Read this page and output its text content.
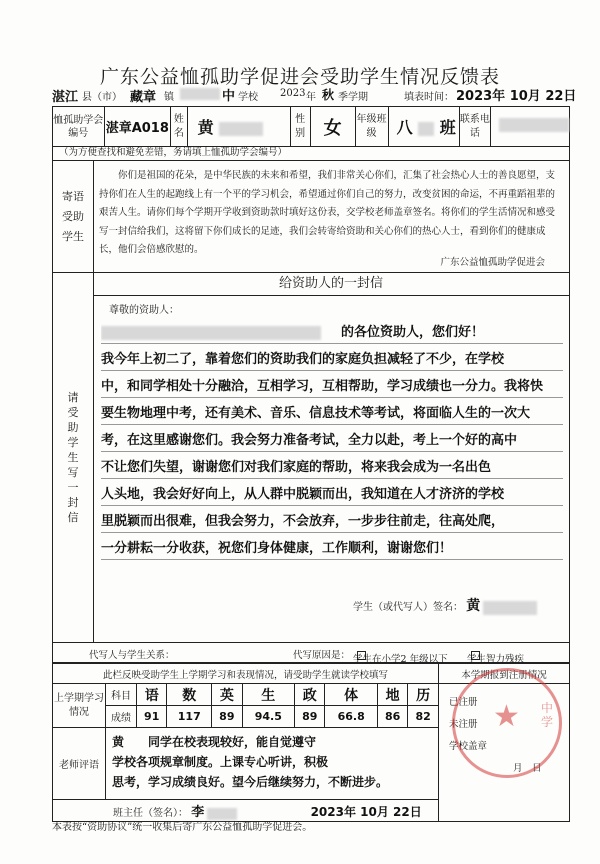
广东公益恤孤助学促进会受助学生情况反馈表
湛江 县（市） 藏章 镇	中 学校 2023 年 秋 季学期	填表时间： 2023年 10月 22日
恤孤助学会编号	湛章A018	姓名	黄	性别	女	年级班级	八 班	联系电话	
（为方便查找和避免差错，务请填上恤孤助学会编号）
寄语受助学生
你们是祖国的花朵，是中华民族的未来和希望，我们非常关心你们，汇集了社会热心人士的善良愿望，支持你们在人生的起跑线上有一个平的学习机会，希望通过你们自己的努力，改变贫困的命运，不再重蹈祖辈的艰苦人生。请你们每个学期开学收到资助款时填好这份表，交学校老师盖章签名。将你们的学生活情况和感受写一封信给我们，这将留下你们成长的足迹，我们会转寄给资助和关心你们的热心人士，看到你们的健康成长，他们会倍感欣慰的。
广东公益恤孤助学促进会
请受助学生写一封信
给资助人的一封信
尊敬的资助人：
的各位资助人，您们好！
我今年上初二了，靠着您们的资助我们的家庭负担减轻了不少，在学校
中，和同学相处十分融洽，互相学习，互相帮助，学习成绩也一分力。我将快
要生物地理中考，还有美术、音乐、信息技术等考试，将面临人生的一次大
考，在这里感谢您们。我会努力准备考试，全力以赴，考上一个好的高中
不让您们失望，谢谢您们对我们家庭的帮助，将来我会成为一名出色
人头地，我会好好向上，从人群中脱颖而出，我知道在人才济济的学校
里脱颖而出很难，但我会努力，不会放弃，一步步往前走，往高处爬，
一分耕耘一分收获，祝您们身体健康，工作顺利，谢谢您们！
学生（或代写人）签名： 黄
代写人与学生关系：	代写原因是： 学生在小学2 年级以下 学生智力残疾
此栏反映受助学生上学期学习和表现情况，请受助学生就读学校填写										本学期报到注册情况
上学期学习情况	科目	语	数	英	生	政	体	地	历	已注册
未注册
学校盖章
月　 日

	成绩	91	117	89	94.5	89	66.8	86	82	
老师评语	黄　　同学在校表现较好，能自觉遵守
学校各项规章制度。上课专心听讲，积极
思考，学习成绩良好。望今后继续努力，不断进步。									

班主任（签名）： 李 2023年 10月 22日										
★ 中学
本表按“资助协议”统一收集后寄广东公益恤孤助学促进会。
